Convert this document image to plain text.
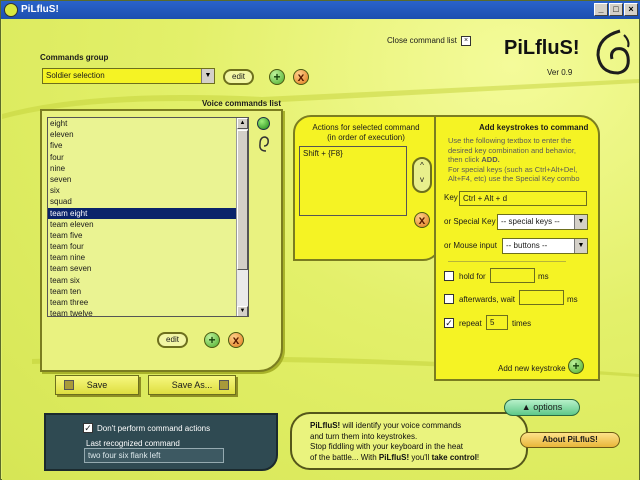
PiLfluS!	_	□	×
Close command list	× PiLfluS!
Ver 0.9
Commands group
Soldier selection	▼	edit	+	x
Voice commands list
eight
eleven
five
four
nine
seven
six
squad
team eight
team eleven
team five
team four
team nine
team seven
team six
team ten
team three
team twelve
▲
▼
edit	+	x
Actions for selected command
(in order of execution)
Shift + {F8}
^
v
x
Add keystrokes to command
Use the following textbox to enter the
desired key combination and behavior,
then click ADD.
For special keys (such as Ctrl+Alt+Del,
Alt+F4, etc) use the Special Key combo
Key Ctrl + Alt + d
or Special Key -- special keys --	▼
or Mouse input	-- buttons --	▼
hold for	ms
afterwards, wait	ms
✓ repeat	5	times
Add new keystroke +
Save	Save As...
✓ Don't perform command actions
Last recognized command
two four six flank left
PiLfluS! will identify your voice commands
and turn them into keystrokes.
Stop fiddling with your keyboard in the heat
of the battle... With PiLfluS! you'll take control!
▲ options
About PiLfluS!
